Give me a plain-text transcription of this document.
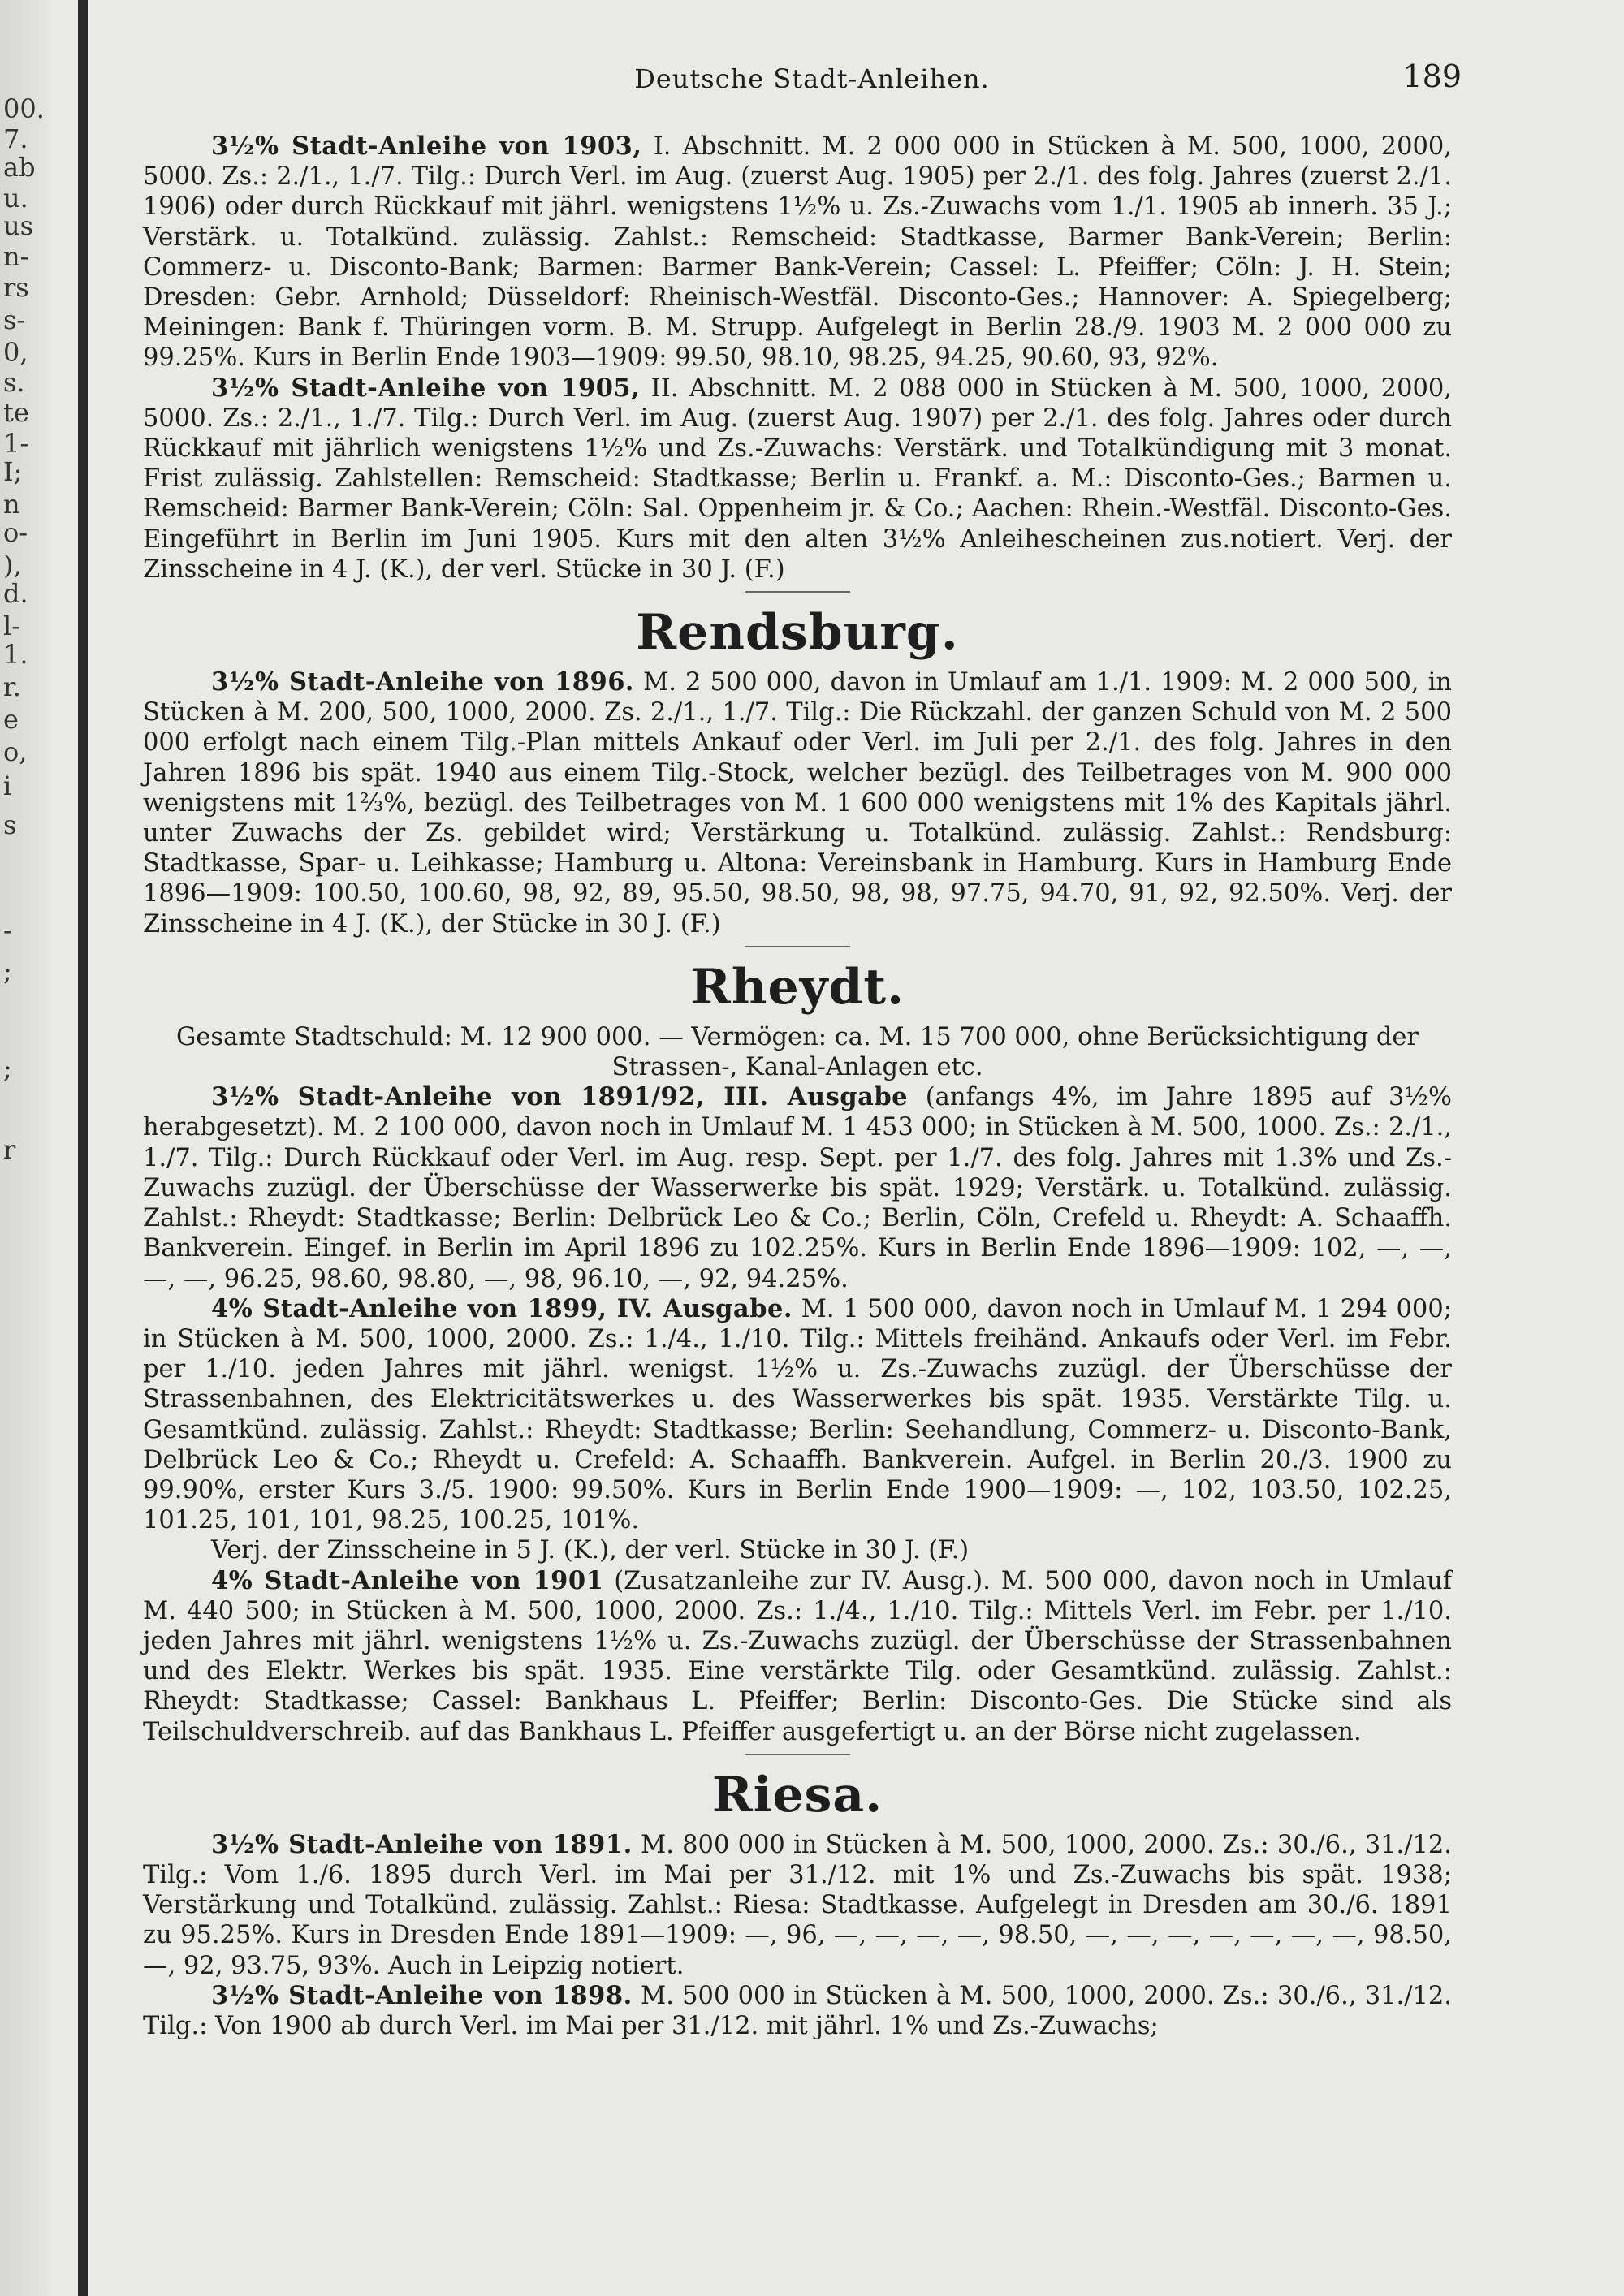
00.
7.
ab
u.
us
n-
rs
s-
0,
s.
te
1-
I;
n
o-
),
d.
l-
1.
r.
e
o,
i
s
-
;
;
r
Deutsche Stadt-Anleihen.	189

3½% Stadt-Anleihe von 1903, I. Abschnitt. M. 2 000 000 in Stücken à M. 500, 1000, 2000, 5000. Zs.: 2./1., 1./7. Tilg.: Durch Verl. im Aug. (zuerst Aug. 1905) per 2./1. des folg. Jahres (zuerst 2./1. 1906) oder durch Rückkauf mit jährl. wenigstens 1½% u. Zs.-Zuwachs vom 1./1. 1905 ab innerh. 35 J.; Verstärk. u. Totalkünd. zulässig. Zahlst.: Remscheid: Stadtkasse, Barmer Bank-Verein; Berlin: Commerz- u. Disconto-Bank; Barmen: Barmer Bank-Verein; Cassel: L. Pfeiffer; Cöln: J. H. Stein; Dresden: Gebr. Arnhold; Düsseldorf: Rheinisch-Westfäl. Disconto-Ges.; Hannover: A. Spiegelberg; Meiningen: Bank f. Thüringen vorm. B. M. Strupp. Aufgelegt in Berlin 28./9. 1903 M. 2 000 000 zu 99.25%. Kurs in Berlin Ende 1903—1909: 99.50, 98.10, 98.25, 94.25, 90.60, 93, 92%.

3½% Stadt-Anleihe von 1905, II. Abschnitt. M. 2 088 000 in Stücken à M. 500, 1000, 2000, 5000. Zs.: 2./1., 1./7. Tilg.: Durch Verl. im Aug. (zuerst Aug. 1907) per 2./1. des folg. Jahres oder durch Rückkauf mit jährlich wenigstens 1½% und Zs.-Zuwachs: Verstärk. und Totalkündigung mit 3 monat. Frist zulässig. Zahlstellen: Remscheid: Stadtkasse; Berlin u. Frankf. a. M.: Disconto-Ges.; Barmen u. Remscheid: Barmer Bank-Verein; Cöln: Sal. Oppenheim jr. & Co.; Aachen: Rhein.-Westfäl. Disconto-Ges. Eingeführt in Berlin im Juni 1905. Kurs mit den alten 3½% Anleihescheinen zus.notiert. Verj. der Zinsscheine in 4 J. (K.), der verl. Stücke in 30 J. (F.)

Rendsburg.

3½% Stadt-Anleihe von 1896. M. 2 500 000, davon in Umlauf am 1./1. 1909: M. 2 000 500, in Stücken à M. 200, 500, 1000, 2000. Zs. 2./1., 1./7. Tilg.: Die Rückzahl. der ganzen Schuld von M. 2 500 000 erfolgt nach einem Tilg.-Plan mittels Ankauf oder Verl. im Juli per 2./1. des folg. Jahres in den Jahren 1896 bis spät. 1940 aus einem Tilg.-Stock, welcher bezügl. des Teilbetrages von M. 900 000 wenigstens mit 1⅔%, bezügl. des Teilbetrages von M. 1 600 000 wenigstens mit 1% des Kapitals jährl. unter Zuwachs der Zs. gebildet wird; Verstärkung u. Totalkünd. zulässig. Zahlst.: Rendsburg: Stadtkasse, Spar- u. Leihkasse; Hamburg u. Altona: Vereinsbank in Hamburg. Kurs in Hamburg Ende 1896—1909: 100.50, 100.60, 98, 92, 89, 95.50, 98.50, 98, 98, 97.75, 94.70, 91, 92, 92.50%. Verj. der Zinsscheine in 4 J. (K.), der Stücke in 30 J. (F.)

Rheydt.

Gesamte Stadtschuld: M. 12 900 000. — Vermögen: ca. M. 15 700 000, ohne Berücksichtigung der Strassen-, Kanal-Anlagen etc.

3½% Stadt-Anleihe von 1891/92, III. Ausgabe (anfangs 4%, im Jahre 1895 auf 3½% herabgesetzt). M. 2 100 000, davon noch in Umlauf M. 1 453 000; in Stücken à M. 500, 1000. Zs.: 2./1., 1./7. Tilg.: Durch Rückkauf oder Verl. im Aug. resp. Sept. per 1./7. des folg. Jahres mit 1.3% und Zs.-Zuwachs zuzügl. der Überschüsse der Wasserwerke bis spät. 1929; Verstärk. u. Totalkünd. zulässig. Zahlst.: Rheydt: Stadtkasse; Berlin: Delbrück Leo & Co.; Berlin, Cöln, Crefeld u. Rheydt: A. Schaaffh. Bankverein. Eingef. in Berlin im April 1896 zu 102.25%. Kurs in Berlin Ende 1896—1909: 102, —, —, —, —, 96.25, 98.60, 98.80, —, 98, 96.10, —, 92, 94.25%.

4% Stadt-Anleihe von 1899, IV. Ausgabe. M. 1 500 000, davon noch in Umlauf M. 1 294 000; in Stücken à M. 500, 1000, 2000. Zs.: 1./4., 1./10. Tilg.: Mittels freihänd. Ankaufs oder Verl. im Febr. per 1./10. jeden Jahres mit jährl. wenigst. 1½% u. Zs.-Zuwachs zuzügl. der Überschüsse der Strassenbahnen, des Elektricitätswerkes u. des Wasserwerkes bis spät. 1935. Verstärkte Tilg. u. Gesamtkünd. zulässig. Zahlst.: Rheydt: Stadtkasse; Berlin: Seehandlung, Commerz- u. Disconto-Bank, Delbrück Leo & Co.; Rheydt u. Crefeld: A. Schaaffh. Bankverein. Aufgel. in Berlin 20./3. 1900 zu 99.90%, erster Kurs 3./5. 1900: 99.50%. Kurs in Berlin Ende 1900—1909: —, 102, 103.50, 102.25, 101.25, 101, 101, 98.25, 100.25, 101%.

Verj. der Zinsscheine in 5 J. (K.), der verl. Stücke in 30 J. (F.)

4% Stadt-Anleihe von 1901 (Zusatzanleihe zur IV. Ausg.). M. 500 000, davon noch in Umlauf M. 440 500; in Stücken à M. 500, 1000, 2000. Zs.: 1./4., 1./10. Tilg.: Mittels Verl. im Febr. per 1./10. jeden Jahres mit jährl. wenigstens 1½% u. Zs.-Zuwachs zuzügl. der Überschüsse der Strassenbahnen und des Elektr. Werkes bis spät. 1935. Eine verstärkte Tilg. oder Gesamtkünd. zulässig. Zahlst.: Rheydt: Stadtkasse; Cassel: Bankhaus L. Pfeiffer; Berlin: Disconto-Ges. Die Stücke sind als Teilschuldverschreib. auf das Bankhaus L. Pfeiffer ausgefertigt u. an der Börse nicht zugelassen.

Riesa.

3½% Stadt-Anleihe von 1891. M. 800 000 in Stücken à M. 500, 1000, 2000. Zs.: 30./6., 31./12. Tilg.: Vom 1./6. 1895 durch Verl. im Mai per 31./12. mit 1% und Zs.-Zuwachs bis spät. 1938; Verstärkung und Totalkünd. zulässig. Zahlst.: Riesa: Stadtkasse. Aufgelegt in Dresden am 30./6. 1891 zu 95.25%. Kurs in Dresden Ende 1891—1909: —, 96, —, —, —, —, 98.50, —, —, —, —, —, —, —, 98.50, —, 92, 93.75, 93%. Auch in Leipzig notiert.

3½% Stadt-Anleihe von 1898. M. 500 000 in Stücken à M. 500, 1000, 2000. Zs.: 30./6., 31./12. Tilg.: Von 1900 ab durch Verl. im Mai per 31./12. mit jährl. 1% und Zs.-Zuwachs;
